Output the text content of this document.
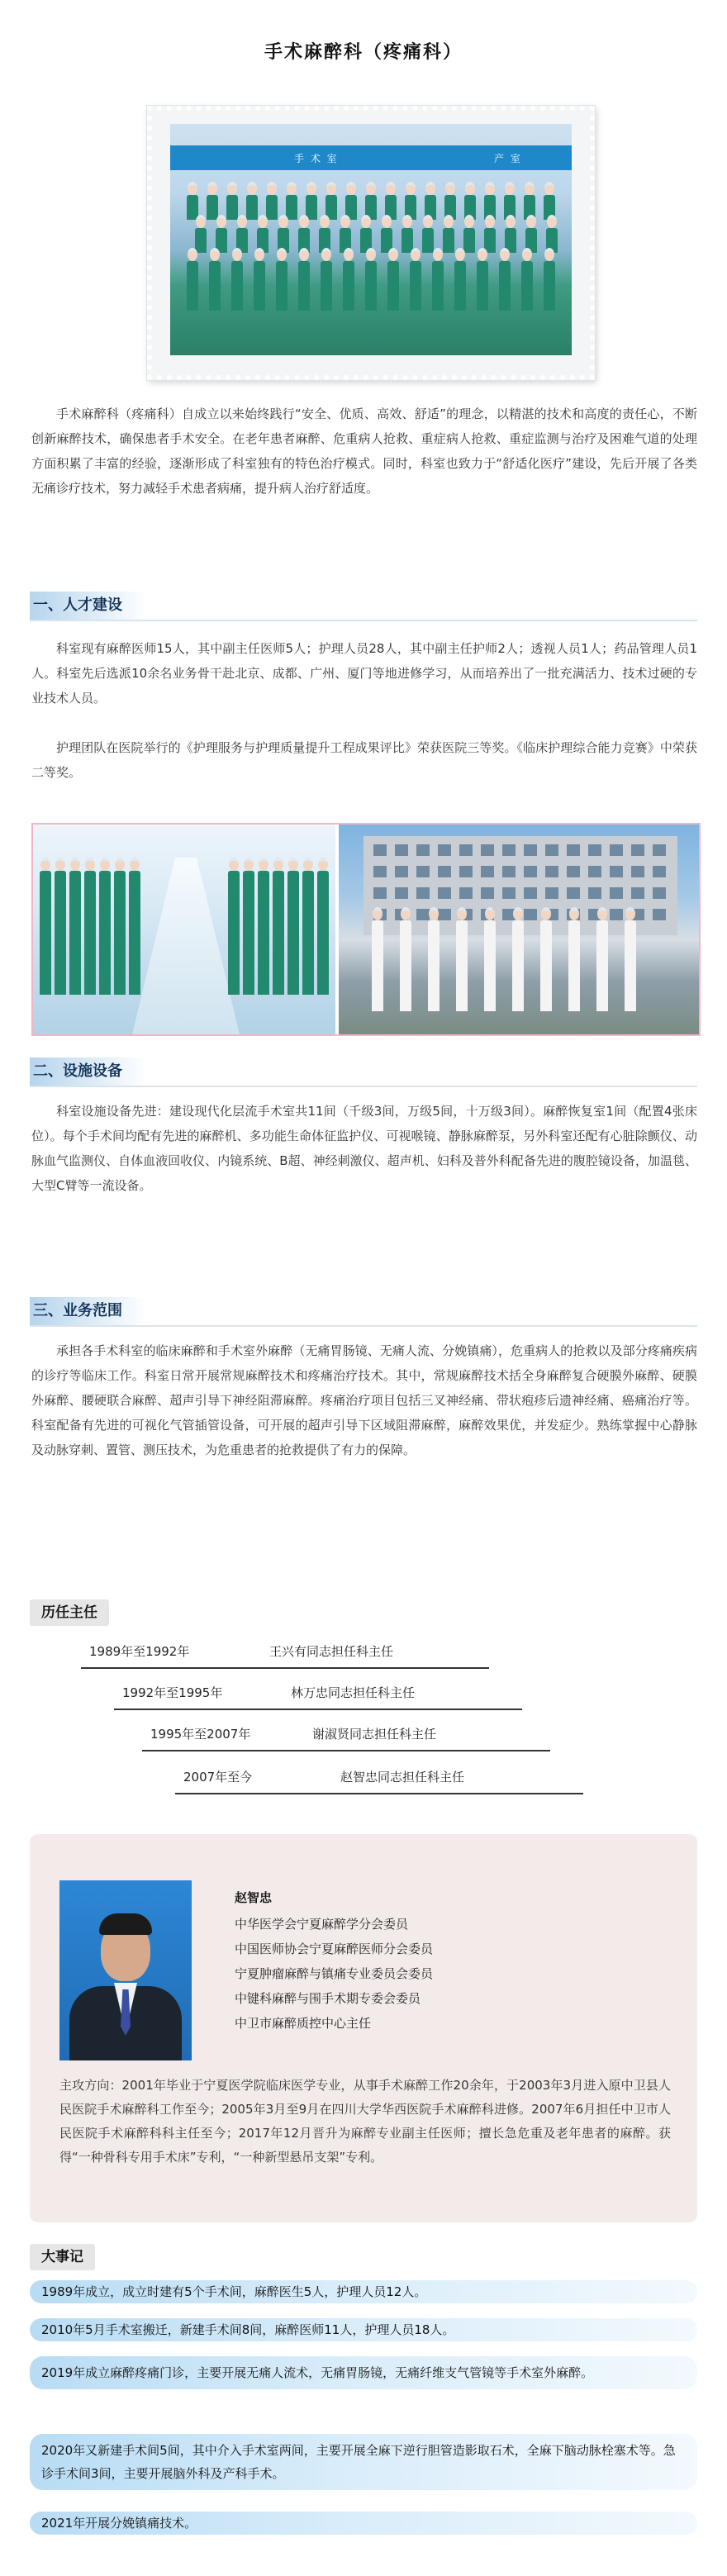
手术麻醉科（疼痛科）
手 术 室	产 室

手术麻醉科（疼痛科）自成立以来始终践行“安全、优质、高效、舒适”的理念，以精湛的技术和高度的责任心，不断创新麻醉技术，确保患者手术安全。在老年患者麻醉、危重病人抢救、重症病人抢救、重症监测与治疗及困难气道的处理方面积累了丰富的经验，逐渐形成了科室独有的特色治疗模式。同时，科室也致力于“舒适化医疗”建设，先后开展了各类无痛诊疗技术，努力减轻手术患者病痛，提升病人治疗舒适度。

一、人才建设

科室现有麻醉医师15人，其中副主任医师5人；护理人员28人，其中副主任护师2人；透视人员1人；药品管理人员1人。科室先后选派10余名业务骨干赴北京、成都、广州、厦门等地进修学习，从而培养出了一批充满活力、技术过硬的专业技术人员。

护理团队在医院举行的《护理服务与护理质量提升工程成果评比》荣获医院三等奖。《临床护理综合能力竞赛》中荣获二等奖。

二、设施设备

科室设施设备先进：建设现代化层流手术室共11间（千级3间，万级5间，十万级3间）。麻醉恢复室1间（配置4张床位）。每个手术间均配有先进的麻醉机、多功能生命体征监护仪、可视喉镜、静脉麻醉泵，另外科室还配有心脏除颤仪、动脉血气监测仪、自体血液回收仪、内镜系统、B超、神经刺激仪、超声机、妇科及普外科配备先进的腹腔镜设备，加温毯、大型C臂等一流设备。

三、业务范围

承担各手术科室的临床麻醉和手术室外麻醉（无痛胃肠镜、无痛人流、分娩镇痛），危重病人的抢救以及部分疼痛疾病的诊疗等临床工作。科室日常开展常规麻醉技术和疼痛治疗技术。其中，常规麻醉技术括全身麻醉复合硬膜外麻醉、硬膜外麻醉、腰硬联合麻醉、超声引导下神经阻滞麻醉。疼痛治疗项目包括三叉神经痛、带状疱疹后遗神经痛、癌痛治疗等。科室配备有先进的可视化气管插管设备，可开展的超声引导下区域阻滞麻醉，麻醉效果优，并发症少。熟练掌握中心静脉及动脉穿刺、置管、测压技术，为危重患者的抢救提供了有力的保障。

历任主任
1989年至1992年	王兴有同志担任科主任
1992年至1995年	林万忠同志担任科主任
1995年至2007年	谢淑贤同志担任科主任
2007年至今	赵智忠同志担任科主任
赵智忠
中华医学会宁夏麻醉学分会委员
中国医师协会宁夏麻醉医师分会委员
宁夏肿瘤麻醉与镇痛专业委员会委员
中键科麻醉与围手术期专委会委员
中卫市麻醉质控中心主任

主攻方向：2001年毕业于宁夏医学院临床医学专业，从事手术麻醉工作20余年，于2003年3月进入原中卫县人民医院手术麻醉科工作至今；2005年3月至9月在四川大学华西医院手术麻醉科进修。2007年6月担任中卫市人民医院手术麻醉科科主任至今；2017年12月晋升为麻醉专业副主任医师；擅长急危重及老年患者的麻醉。获得“一种骨科专用手术床”专利，“一种新型悬吊支架”专利。

大事记
1989年成立，成立时建有5个手术间，麻醉医生5人，护理人员12人。
2010年5月手术室搬迁，新建手术间8间，麻醉医师11人，护理人员18人。
2019年成立麻醉疼痛门诊，主要开展无痛人流术，无痛胃肠镜，无痛纤维支气管镜等手术室外麻醉。
2020年又新建手术间5间，其中介入手术室两间，主要开展全麻下逆行胆管造影取石术，全麻下脑动脉栓塞术等。急诊手术间3间，主要开展脑外科及产科手术。
2021年开展分娩镇痛技术。
